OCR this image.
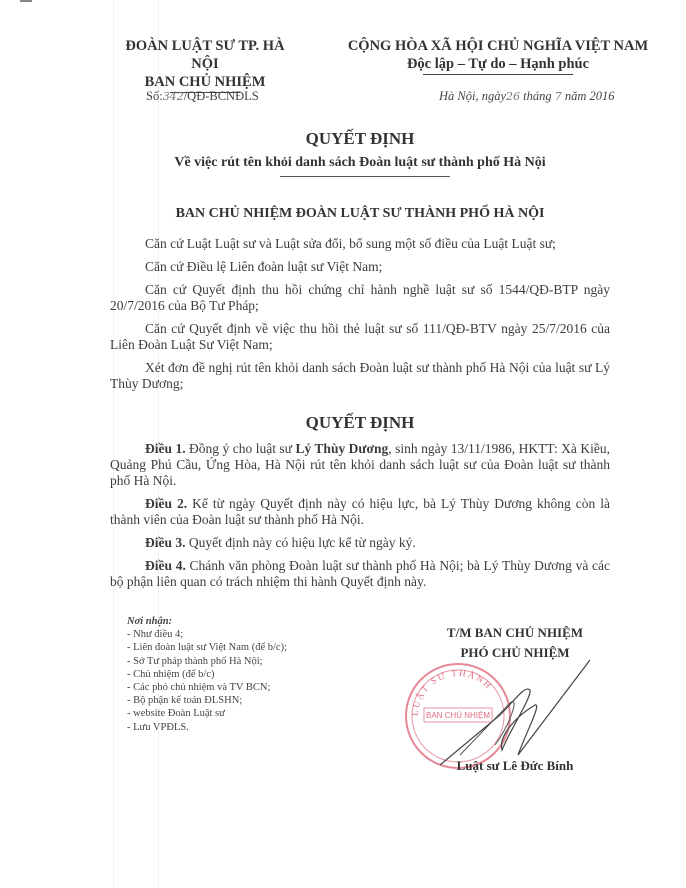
ĐOÀN LUẬT SƯ TP. HÀ NỘI
BAN CHỦ NHIỆM
CỘNG HÒA XÃ HỘI CHỦ NGHĨA VIỆT NAM
Độc lập – Tự do – Hạnh phúc
Số:342/QĐ-BCNĐLS	Hà Nội, ngày26 tháng 7 năm 2016
QUYẾT ĐỊNH
Về việc rút tên khỏi danh sách Đoàn luật sư thành phố Hà Nội
BAN CHỦ NHIỆM ĐOÀN LUẬT SƯ THÀNH PHỐ HÀ NỘI

Căn cứ Luật Luật sư và Luật sửa đổi, bổ sung một số điều của Luật Luật sư;

Căn cứ Điều lệ Liên đoàn luật sư Việt Nam;

Căn cứ Quyết định thu hồi chứng chỉ hành nghề luật sư số 1544/QĐ-BTP ngày 20/7/2016 của Bộ Tư Pháp;

Căn cứ Quyết định về việc thu hồi thẻ luật sư số 111/QĐ-BTV ngày 25/7/2016 của Liên Đoàn Luật Sư Việt Nam;

Xét đơn đề nghị rút tên khỏi danh sách Đoàn luật sư thành phố Hà Nội của luật sư Lý Thùy Dương;

QUYẾT ĐỊNH

Điều 1. Đồng ý cho luật sư Lý Thùy Dương, sinh ngày 13/11/1986, HKTT: Xà Kiều, Quảng Phú Cầu, Ứng Hòa, Hà Nội rút tên khỏi danh sách luật sư của Đoàn luật sư thành phố Hà Nội.

Điều 2. Kể từ ngày Quyết định này có hiệu lực, bà Lý Thùy Dương không còn là thành viên của Đoàn luật sư thành phố Hà Nội.

Điều 3. Quyết định này có hiệu lực kể từ ngày ký.

Điều 4. Chánh văn phòng Đoàn luật sư thành phố Hà Nội; bà Lý Thùy Dương và các bộ phận liên quan có trách nhiệm thi hành Quyết định này.

Nơi nhận:
- Như điều 4;
- Liên đoàn luật sư Việt Nam (để b/c);
- Sở Tư pháp thành phố Hà Nội;
- Chủ nhiệm (để b/c)
- Các phó chủ nhiệm và TV BCN;
- Bộ phận kế toán ĐLSHN;
- website Đoàn Luật sư
- Lưu VPĐLS.
T/M BAN CHỦ NHIỆM
PHÓ CHỦ NHIỆM
LUẬT SƯ THÀNH
BAN CHỦ NHIỆM
Luật sư Lê Đức Bính
